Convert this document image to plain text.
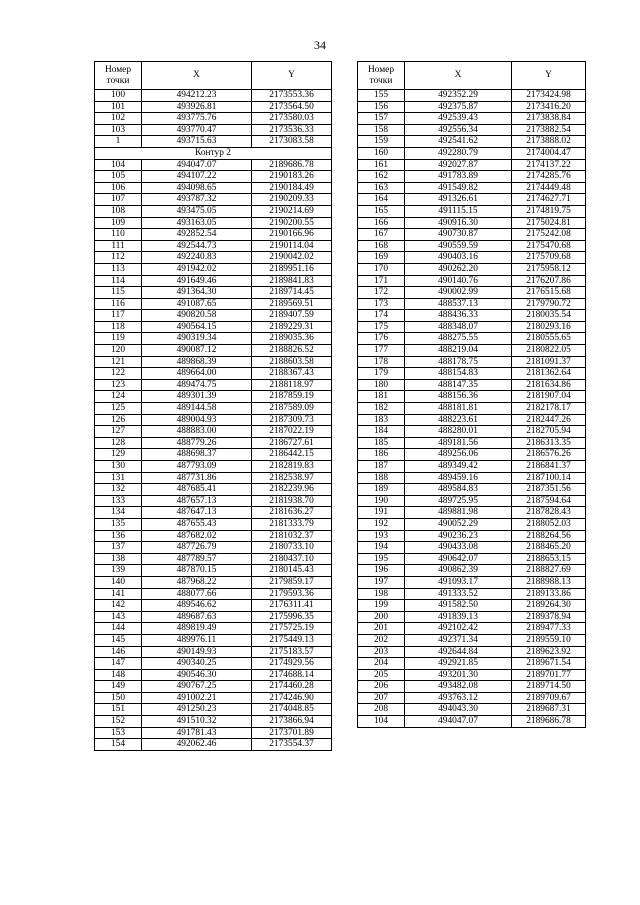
34
Номер
точки	X	Y
100	494212.23	2173553.36
101	493926.81	2173564.50
102	493775.76	2173580.03
103	493770.47	2173536.33
1	493715.63	2173083.58
Контур 2		
104	494047.07	2189686.78
105	494107.22	2190183.26
106	494098.65	2190184.49
107	493787.32	2190209.33
108	493475.05	2190214.69
109	493163.05	2190200.55
110	492852.54	2190166.96
111	492544.73	2190114.04
112	492240.83	2190042.02
113	491942.02	2189951.16
114	491649.46	2189841.83
115	491364.30	2189714.45
116	491087.65	2189569.51
117	490820.58	2189407.59
118	490564.15	2189229.31
119	490319.34	2189035.36
120	490087.12	2188826.52
121	489868.39	2188603.58
122	489664.00	2188367.43
123	489474.75	2188118.97
124	489301.39	2187859.19
125	489144.58	2187589.09
126	489004.93	2187309.73
127	488883.00	2187022.19
128	488779.26	2186727.61
129	488698.37	2186442.15
130	487793.09	2182819.83
131	487731.86	2182538.97
132	487685.41	2182239.96
133	487657.13	2181938.70
134	487647.13	2181636.27
135	487655.43	2181333.79
136	487682.02	2181032.37
137	487726.79	2180733.10
138	487789.57	2180437.10
139	487870.15	2180145.43
140	487968.22	2179859.17
141	488077.66	2179593.36
142	489546.62	2176311.41
143	489687.63	2175996.35
144	489819.49	2175725.19
145	489976.11	2175449.13
146	490149.93	2175183.57
147	490340.25	2174929.56
148	490546.30	2174688.14
149	490767.25	2174460.28
150	491002.21	2174246.90
151	491250.23	2174048.85
152	491510.32	2173866.94
153	491781.43	2173701.89
154	492062.46	2173554.37
Номер
точки	X	Y
155	492352.29	2173424.98
156	492375.87	2173416.20
157	492539.43	2173838.84
158	492556.34	2173882.54
159	492541.62	2173888.02
160	492280.79	2174004.47
161	492027.87	2174137.22
162	491783.89	2174285.76
163	491549.82	2174449.48
164	491326.61	2174627.71
165	491115.15	2174819.75
166	490916.30	2175024.81
167	490730.87	2175242.08
168	490559.59	2175470.68
169	490403.16	2175709.68
170	490262.20	2175958.12
171	490140.76	2176207.86
172	490002.99	2176515.68
173	488537.13	2179790.72
174	488436.33	2180035.54
175	488348.07	2180293.16
176	488275.55	2180555.65
177	488219.04	2180822.05
178	488178.75	2181091.37
179	488154.83	2181362.64
180	488147.35	2181634.86
181	488156.36	2181907.04
182	488181.81	2182178.17
183	488223.61	2182447.26
184	488280.01	2182705.94
185	489181.56	2186313.35
186	489256.06	2186576.26
187	489349.42	2186841.37
188	489459.16	2187100.14
189	489584.83	2187351.56
190	489725.95	2187594.64
191	489881.98	2187828.43
192	490052.29	2188052.03
193	490236.23	2188264.56
194	490433.08	2188465.20
195	490642.07	2188653.15
196	490862.39	2188827.69
197	491093.17	2188988.13
198	491333.52	2189133.86
199	491582.50	2189264.30
200	491839.13	2189378.94
201	492102.42	2189477.33
202	492371.34	2189559.10
203	492644.84	2189623.92
204	492921.85	2189671.54
205	493201.30	2189701.77
206	493482.08	2189714.50
207	493763.12	2189709.67
208	494043.30	2189687.31
104	494047.07	2189686.78
